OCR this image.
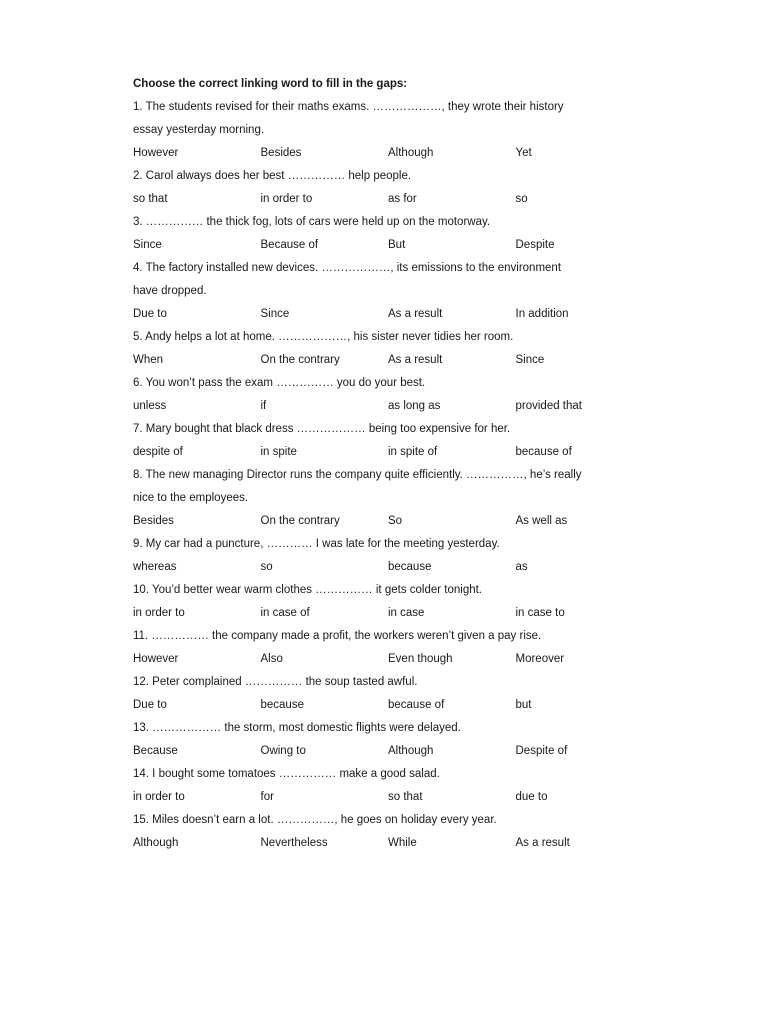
Choose the correct linking word to fill in the gaps:
1. The students revised for their maths exams. ………………, they wrote their history
essay yesterday morning.
However	Besides	Although	Yet
2. Carol always does her best …………… help people.
so that	in order to	as for	so
3. …………… the thick fog, lots of cars were held up on the motorway.
Since	Because of	But	Despite
4. The factory installed new devices. ………………, its emissions to the environment
have dropped.
Due to	Since	As a result	In addition
5. Andy helps a lot at home. ………………, his sister never tidies her room.
When	On the contrary	As a result	Since
6. You won’t pass the exam …………… you do your best.
unless	if	as long as	provided that
7. Mary bought that black dress ……………… being too expensive for her.
despite of	in spite	in spite of	because of
8. The new managing Director runs the company quite efficiently. ……………, he’s really
nice to the employees.
Besides	On the contrary	So	As well as
9. My car had a puncture, ………… I was late for the meeting yesterday.
whereas	so	because	as
10. You’d better wear warm clothes …………… it gets colder tonight.
in order to	in case of	in case	in case to
11. …………… the company made a profit, the workers weren’t given a pay rise.
However	Also	Even though	Moreover
12. Peter complained …………… the soup tasted awful.
Due to	because	because of	but
13. ……………… the storm, most domestic flights were delayed.
Because	Owing to	Although	Despite of
14. I bought some tomatoes …………… make a good salad.
in order to	for	so that	due to
15. Miles doesn’t earn a lot. ……………, he goes on holiday every year.
Although	Nevertheless	While	As a result
